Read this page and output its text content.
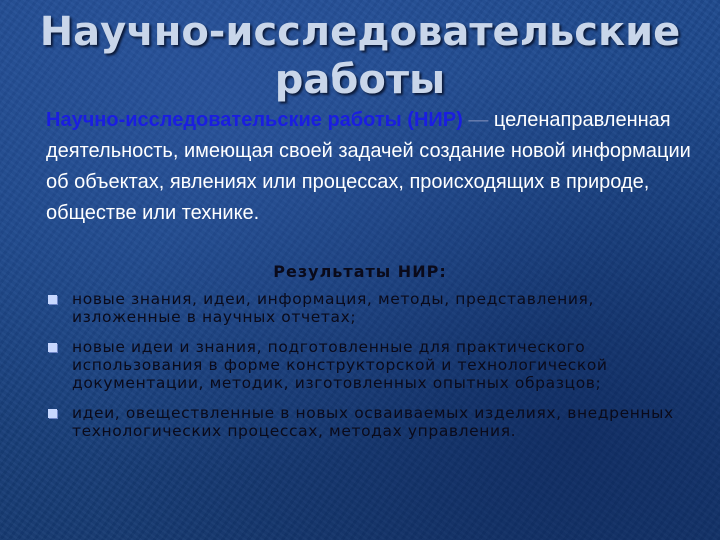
Научно-исследовательские работы
Научно-исследовательские работы (НИР) — целенаправленная деятельность, имеющая своей задачей создание новой информации об объектах, явлениях или процессах, происходящих в природе, обществе или технике.
Результаты НИР:
новые знания, идеи, информация, методы, представления, изложенные в научных отчетах;
новые идеи и знания, подготовленные для практического использования в форме конструкторской и технологической документации, методик, изготовленных опытных образцов;
идеи, овеществленные в новых осваиваемых изделиях, внедренных технологических процессах, методах управления.
